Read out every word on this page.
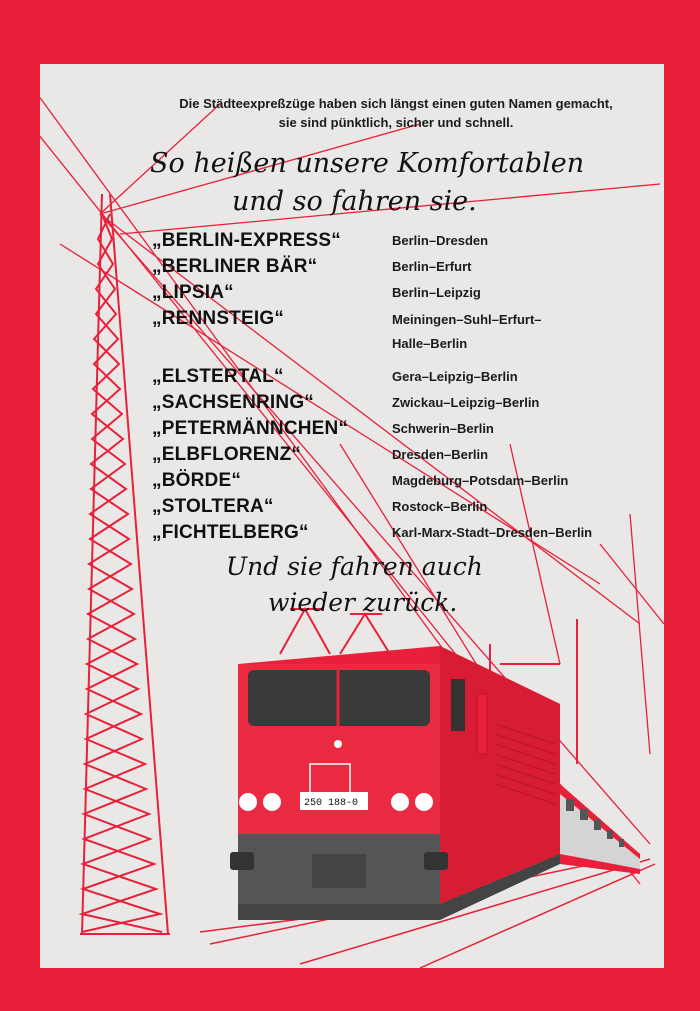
250 188-0
Die Städteexpreßzüge haben sich längst einen guten Namen gemacht,
sie sind pünktlich, sicher und schnell.
So heißen unsere Komfortablen
und so fahren sie.
„BERLIN-EXPRESS“	Berlin–Dresden
„BERLINER BÄR“	Berlin–Erfurt
„LIPSIA“	Berlin–Leipzig
„RENNSTEIG“	Meiningen–Suhl–Erfurt–
Halle–Berlin
„ELSTERTAL“	Gera–Leipzig–Berlin
„SACHSENRING“	Zwickau–Leipzig–Berlin
„PETERMÄNNCHEN“	Schwerin–Berlin
„ELBFLORENZ“	Dresden–Berlin
„BÖRDE“	Magdeburg–Potsdam–Berlin
„STOLTERA“	Rostock–Berlin
„FICHTELBERG“	Karl-Marx-Stadt–Dresden–Berlin
Und sie fahren auch
wieder zurück.
